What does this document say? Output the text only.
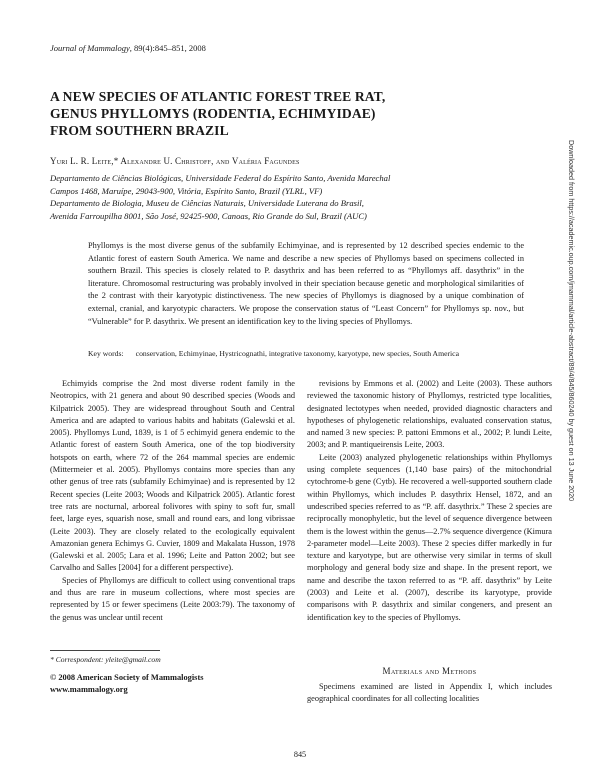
Journal of Mammalogy, 89(4):845–851, 2008
A NEW SPECIES OF ATLANTIC FOREST TREE RAT,
GENUS PHYLLOMYS (RODENTIA, ECHIMYIDAE)
FROM SOUTHERN BRAZIL
Yuri L. R. Leite,* Alexandre U. Christoff, and Valéria Fagundes
Departamento de Ciências Biológicas, Universidade Federal do Espírito Santo, Avenida Marechal
Campos 1468, Maruípe, 29043-900, Vitória, Espírito Santo, Brazil (YLRL, VF)
Departamento de Biologia, Museu de Ciências Naturais, Universidade Luterana do Brasil,
Avenida Farroupilha 8001, São José, 92425-900, Canoas, Rio Grande do Sul, Brazil (AUC)
Phyllomys is the most diverse genus of the subfamily Echimyinae, and is represented by 12 described species endemic to the Atlantic forest of eastern South America. We name and describe a new species of Phyllomys based on specimens collected in southern Brazil. This species is closely related to P. dasythrix and has been referred to as “Phyllomys aff. dasythrix” in the literature. Chromosomal restructuring was probably involved in their speciation because genetic and morphological similarities of the 2 contrast with their karyotypic distinctiveness. The new species of Phyllomys is diagnosed by a unique combination of external, cranial, and karyotypic characters. We propose the conservation status of “Least Concern” for Phyllomys sp. nov., but “Vulnerable” for P. dasythrix. We present an identification key to the living species of Phyllomys.
Key words: conservation, Echimyinae, Hystricognathi, integrative taxonomy, karyotype, new species, South America

Echimyids comprise the 2nd most diverse rodent family in the Neotropics, with 21 genera and about 90 described species (Woods and Kilpatrick 2005). They are widespread throughout South and Central America and are adapted to various habits and habitats (Galewski et al. 2005). Phyllomys Lund, 1839, is 1 of 5 echimyid genera endemic to the Atlantic forest of eastern South America, one of the top biodiversity hotspots on earth, where 72 of the 264 mammal species are endemic (Mittermeier et al. 2005). Phyllomys contains more species than any other genus of tree rats (subfamily Echimyinae) and is represented by 12 Recent species (Leite 2003; Woods and Kilpatrick 2005). Atlantic forest tree rats are nocturnal, arboreal folivores with spiny to soft fur, small feet, large eyes, squarish nose, small and round ears, and long vibrissae (Leite 2003). They are closely related to the ecologically equivalent Amazonian genera Echimys G. Cuvier, 1809 and Makalata Husson, 1978 (Galewski et al. 2005; Lara et al. 1996; Leite and Patton 2002; but see Carvalho and Salles [2004] for a different perspective).

Species of Phyllomys are difficult to collect using conventional traps and thus are rare in museum collections, where most species are represented by 15 or fewer specimens (Leite 2003:79). The taxonomy of the genus was unclear until recent

revisions by Emmons et al. (2002) and Leite (2003). These authors reviewed the taxonomic history of Phyllomys, restricted type localities, designated lectotypes when needed, provided diagnostic characters and hypotheses of phylogenetic relationships, evaluated conservation status, and named 3 new species: P. pattoni Emmons et al., 2002; P. lundi Leite, 2003; and P. mantiqueirensis Leite, 2003.

Leite (2003) analyzed phylogenetic relationships within Phyllomys using complete sequences (1,140 base pairs) of the mitochondrial cytochrome-b gene (Cytb). He recovered a well-supported southern clade within Phyllomys, which includes P. dasythrix Hensel, 1872, and an undescribed species referred to as “P. aff. dasythrix.” These 2 species are reciprocally monophyletic, but the level of sequence divergence between them is the lowest within the genus—2.7% sequence divergence (Kimura 2-parameter model—Leite 2003). These 2 species differ markedly in fur texture and karyotype, but are otherwise very similar in terms of skull morphology and general body size and shape. In the present report, we name and describe the taxon referred to as “P. aff. dasythrix” by Leite (2003) and Leite et al. (2007), describe its karyotype, provide comparisons with P. dasythrix and similar congeners, and present an identification key to the species of Phyllomys.

Downloaded from https://academic.oup.com/jmammal/article-abstract/89/4/845/860240 by guest on 13 June 2020
* Correspondent: yleite@gmail.com
© 2008 American Society of Mammalogists
www.mammalogy.org
Materials and Methods

Specimens examined are listed in Appendix I, which includes geographical coordinates for all collecting localities

845
